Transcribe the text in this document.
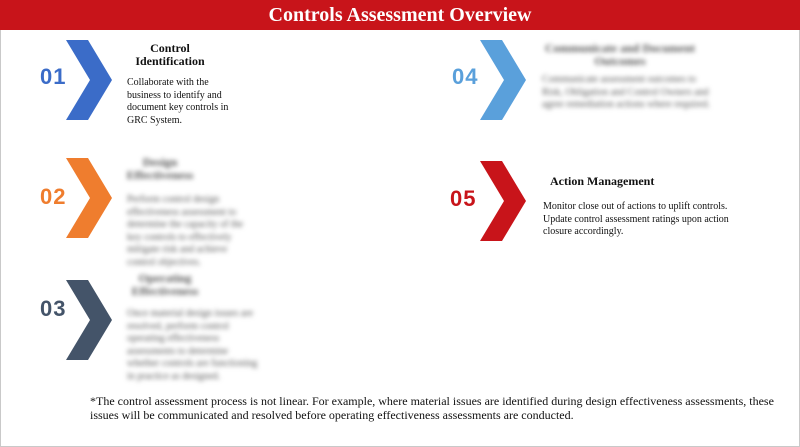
Controls Assessment Overview
01
Control Identification
Collaborate with the business to identify and document key controls in GRC System.
02
Design Effectiveness
Perform control design effectiveness assessment to determine the capacity of the key controls to effectively mitigate risk and achieve control objectives.
03
Operating Effectiveness
Once material design issues are resolved, perform control operating effectiveness assessments to determine whether controls are functioning in practice as designed.
04
Communicate and Document Outcomes
Communicate assessment outcomes to Risk, Obligation and Control Owners and agree remediation actions where required.
05
Action Management
Monitor close out of actions to uplift controls. Update control assessment ratings upon action closure accordingly.
*The control assessment process is not linear. For example, where material issues are identified during design effectiveness assessments, these issues will be communicated and resolved before operating effectiveness assessments are conducted.
